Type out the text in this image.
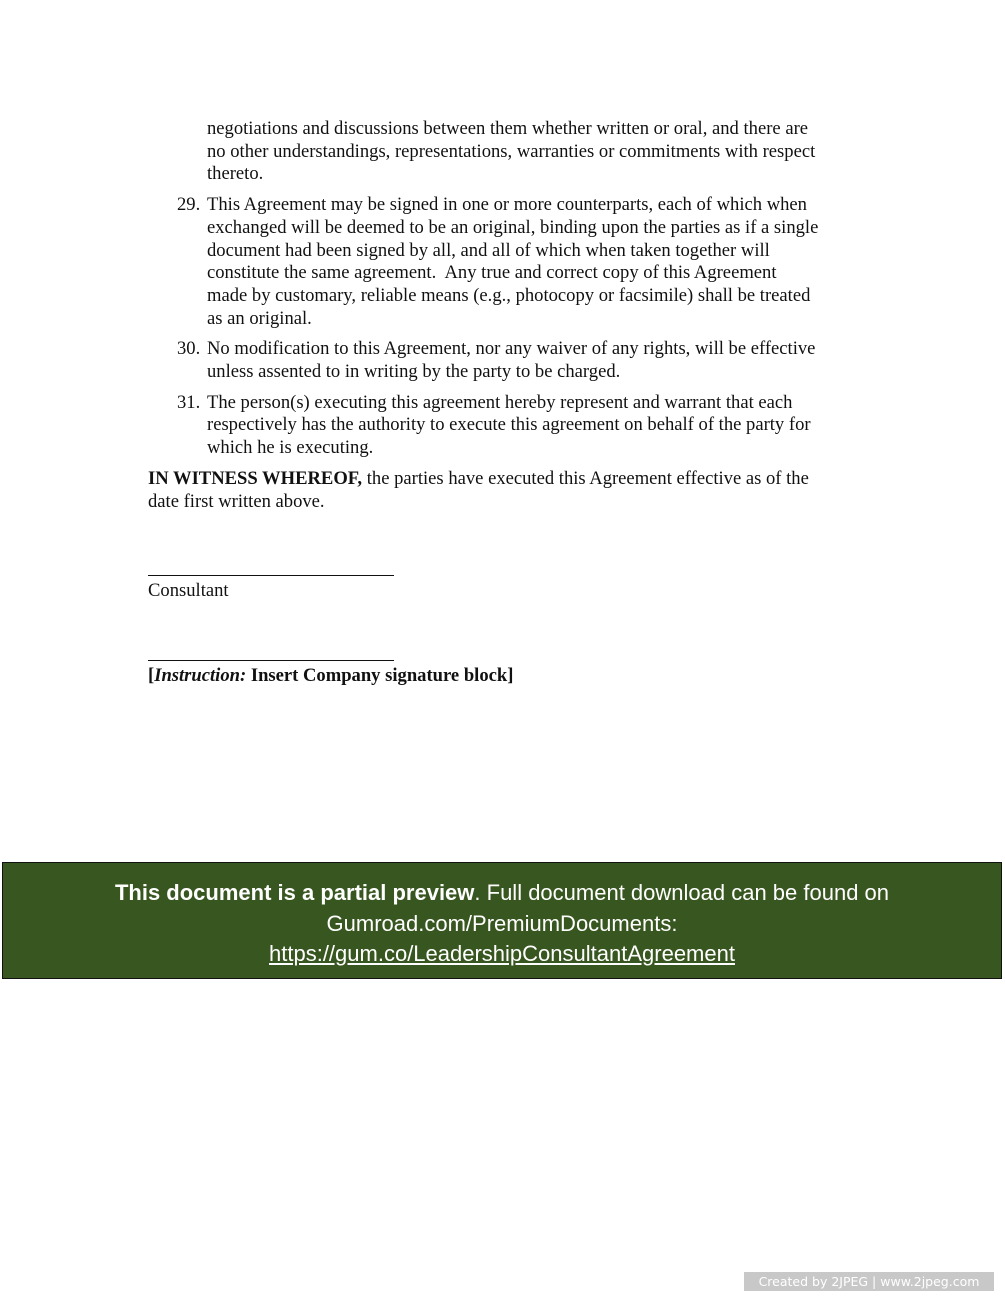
negotiations and discussions between them whether written or oral, and there are
no other understandings, representations, warranties or commitments with respect
thereto.
29. This Agreement may be signed in one or more counterparts, each of which when
exchanged will be deemed to be an original, binding upon the parties as if a single
document had been signed by all, and all of which when taken together will
constitute the same agreement.  Any true and correct copy of this Agreement
made by customary, reliable means (e.g., photocopy or facsimile) shall be treated
as an original.
30. No modification to this Agreement, nor any waiver of any rights, will be effective
unless assented to in writing by the party to be charged.
31. The person(s) executing this agreement hereby represent and warrant that each
respectively has the authority to execute this agreement on behalf of the party for
which he is executing.
IN WITNESS WHEREOF, the parties have executed this Agreement effective as of the
date first written above.
Consultant
[Instruction: Insert Company signature block]
This document is a partial preview. Full document download can be found on
Gumroad.com/PremiumDocuments:
https://gum.co/LeadershipConsultantAgreement
Created by 2JPEG | www.2jpeg.com
